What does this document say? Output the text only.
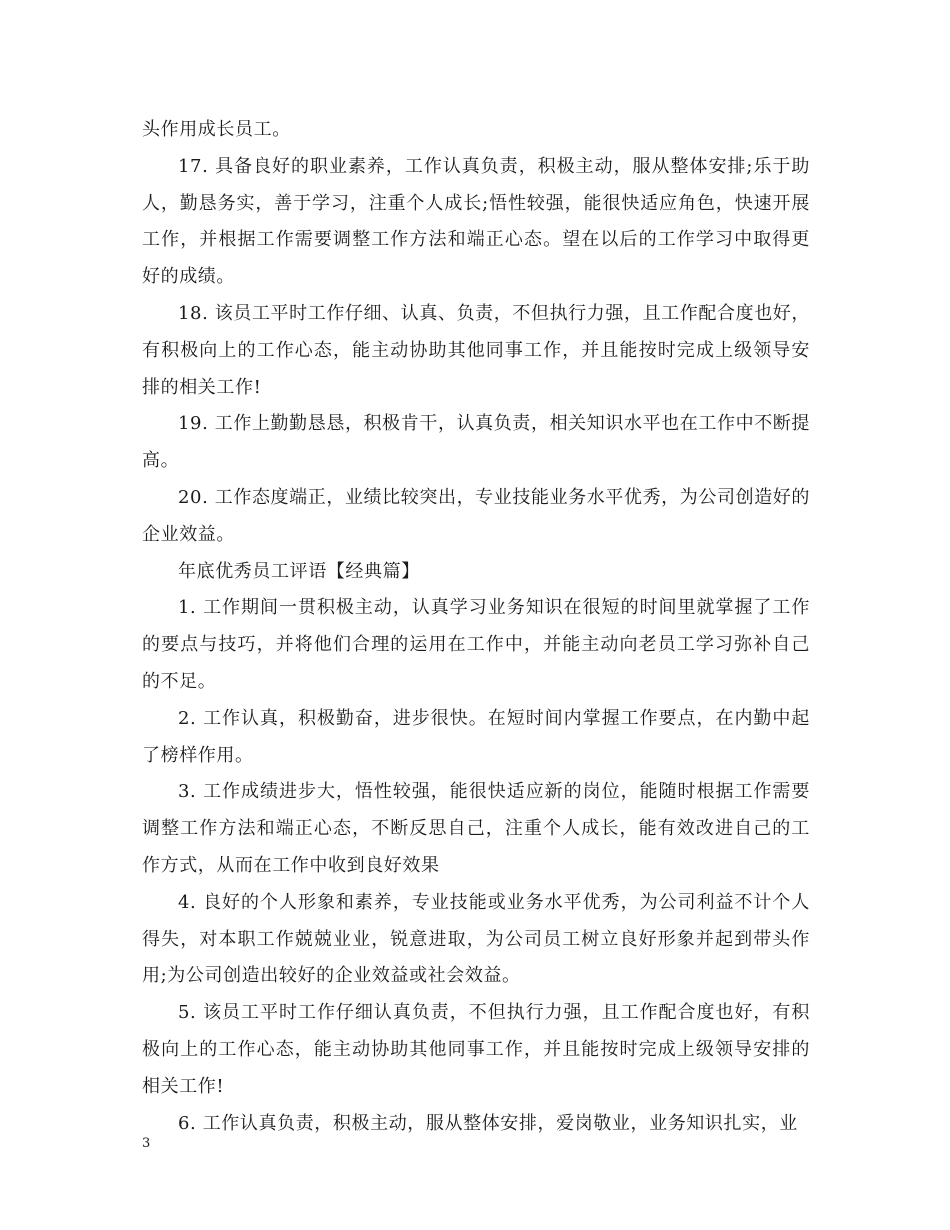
头作用成长员工。

17. 具备良好的职业素养，工作认真负责，积极主动，服从整体安排;乐于助人，勤恳务实，善于学习，注重个人成长;悟性较强，能很快适应角色，快速开展工作，并根据工作需要调整工作方法和端正心态。望在以后的工作学习中取得更好的成绩。

18. 该员工平时工作仔细、认真、负责，不但执行力强，且工作配合度也好，有积极向上的工作心态，能主动协助其他同事工作，并且能按时完成上级领导安排的相关工作!

19. 工作上勤勤恳恳，积极肯干，认真负责，相关知识水平也在工作中不断提高。

20. 工作态度端正，业绩比较突出，专业技能业务水平优秀，为公司创造好的企业效益。

年底优秀员工评语【经典篇】

1. 工作期间一贯积极主动，认真学习业务知识在很短的时间里就掌握了工作的要点与技巧，并将他们合理的运用在工作中，并能主动向老员工学习弥补自己的不足。

2. 工作认真，积极勤奋，进步很快。在短时间内掌握工作要点，在内勤中起了榜样作用。

3. 工作成绩进步大，悟性较强，能很快适应新的岗位，能随时根据工作需要调整工作方法和端正心态，不断反思自己，注重个人成长，能有效改进自己的工作方式，从而在工作中收到良好效果

4. 良好的个人形象和素养，专业技能或业务水平优秀，为公司利益不计个人得失，对本职工作兢兢业业，锐意进取，为公司员工树立良好形象并起到带头作用;为公司创造出较好的企业效益或社会效益。

5. 该员工平时工作仔细认真负责，不但执行力强，且工作配合度也好，有积极向上的工作心态，能主动协助其他同事工作，并且能按时完成上级领导安排的相关工作!

6. 工作认真负责，积极主动，服从整体安排，爱岗敬业，业务知识扎实，业

3
